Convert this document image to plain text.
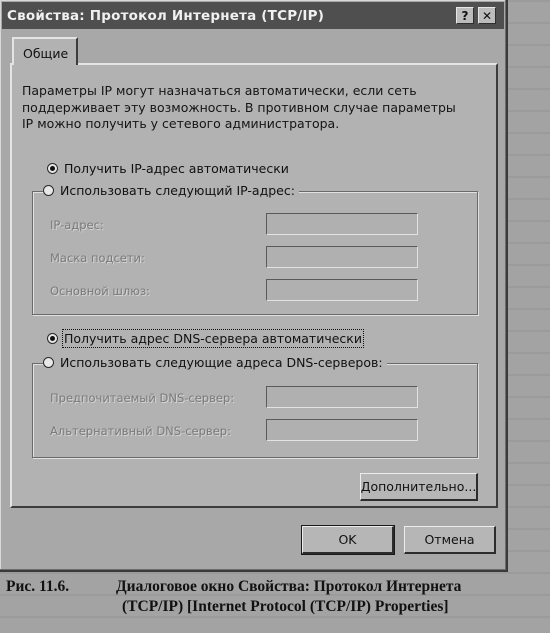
Свойства: Протокол Интернета (TCP/IP)	?	✕
Общие
Параметры IP могут назначаться автоматически, если сеть поддерживает эту возможность. В противном случае параметры IP можно получить у сетевого администратора.
Получить IP-адрес автоматически
Использовать следующий IP-адрес:
IP-адрес:
Маска подсети:
Основной шлюз:
Получить адрес DNS-сервера автоматически
Использовать следующие адреса DNS-серверов:
Предпочитаемый DNS-сервер:
Альтернативный DNS-сервер:
Дополнительно...
OK	Отмена
Рис. 11.6.	Диалоговое окно Свойства: Протокол Интернета
(TCP/IP) [Internet Protocol (TCP/IP) Properties]
